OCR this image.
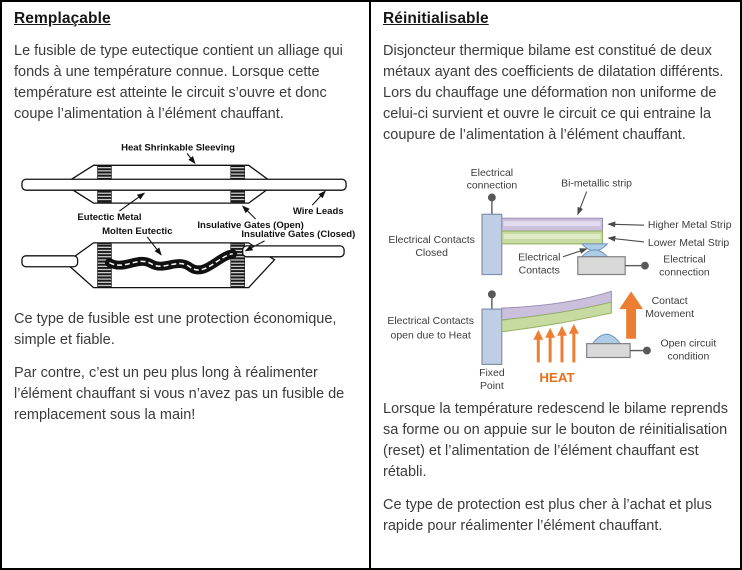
Remplaçable

Le fusible de type eutectique contient un alliage qui fonds à une température connue. Lorsque cette température est atteinte le circuit s’ouvre et donc coupe l’alimentation à l’élément chauffant.

Heat Shrinkable Sleeving
Eutectic Metal
Insulative Gates (Open)
Wire Leads
Molten Eutectic	Insulative Gates (Closed)

Ce type de fusible est une protection économique, simple et fiable.

Par contre, c’est un peu plus long à réalimenter l’élément chauffant si vous n’avez pas un fusible de remplacement sous la main!

Réinitialisable

Disjoncteur thermique bilame est constitué de deux métaux ayant des coefficients de dilatation différents. Lors du chauffage une déformation non uniforme de celui-ci survient et ouvre le circuit ce qui entraine la coupure de l’alimentation à l’élément chauffant.

Electrical
connection	Bi-metallic strip
Higher Metal Strip
Lower Metal Strip
Electrical Contacts
Closed	Electrical
Contacts
Electrical
connection
Electrical Contacts
open due to Heat
Fixed
Point
HEAT
Contact
Movement
Open circuit
condition

Lorsque la température redescend le bilame reprends sa forme ou on appuie sur le bouton de réinitialisation (reset) et l’alimentation de l’élément chauffant est rétabli.

Ce type de protection est plus cher à l’achat et plus rapide pour réalimenter l’élément chauffant.
